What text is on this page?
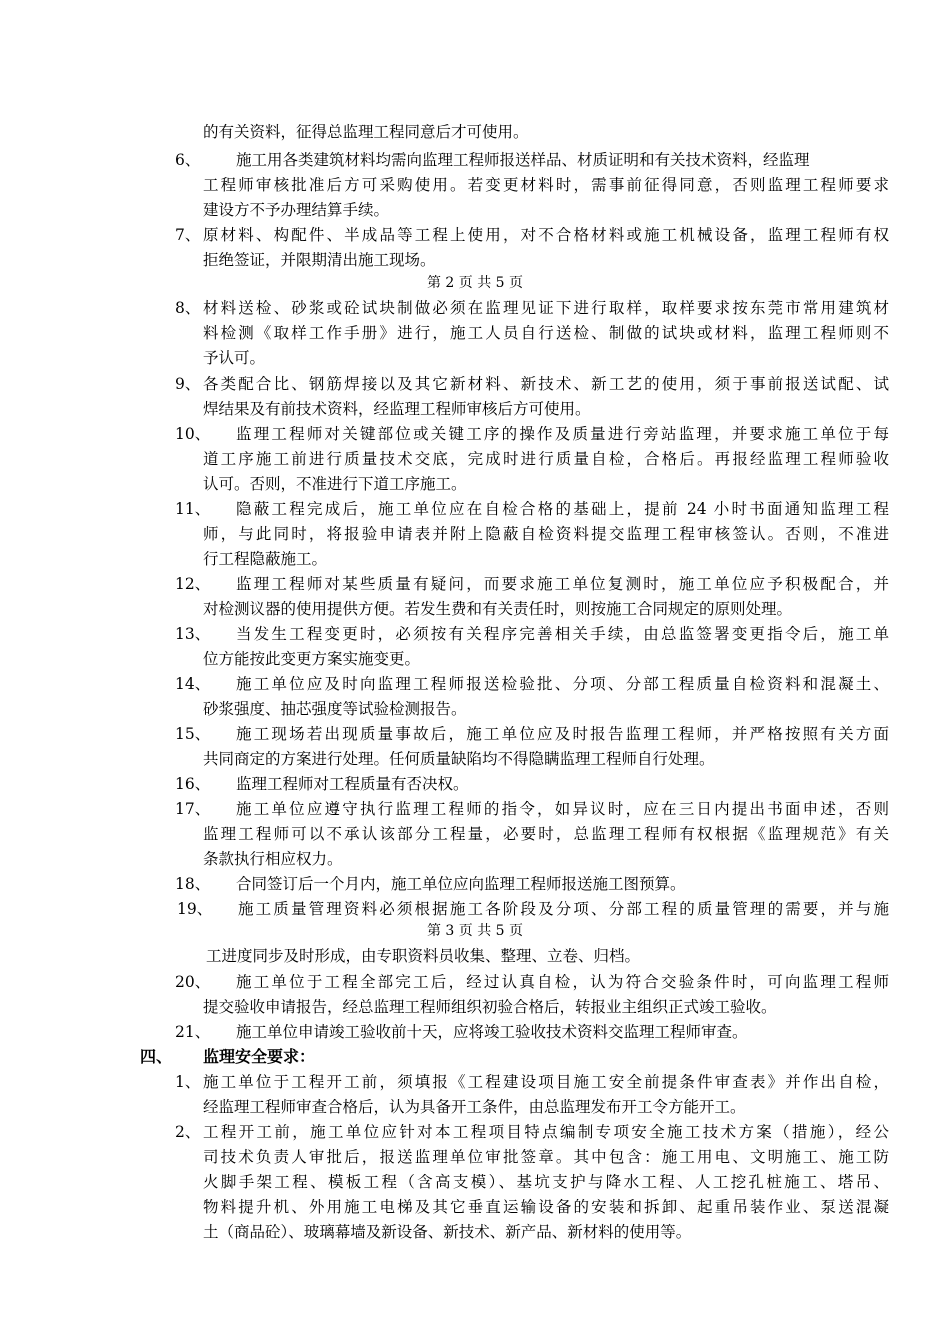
的有关资料，征得总监理工程同意后才可使用。
6、 施工用各类建筑材料均需向监理工程师报送样品、材质证明和有关技术资料，经监理
工程师审核批准后方可采购使用。若变更材料时，需事前征得同意，否则监理工程师要求
建设方不予办理结算手续。
7、 原材料、构配件、半成品等工程上使用，对不合格材料或施工机械设备，监理工程师有权
拒绝签证，并限期清出施工现场。
第 2 页 共 5 页
8、 材料送检、砂浆或砼试块制做必须在监理见证下进行取样，取样要求按东莞市常用建筑材
料检测《取样工作手册》进行，施工人员自行送检、制做的试块或材料，监理工程师则不
予认可。
9、 各类配合比、钢筋焊接以及其它新材料、新技术、新工艺的使用，须于事前报送试配、试
焊结果及有前技术资料，经监理工程师审核后方可使用。
10、 监理工程师对关键部位或关键工序的操作及质量进行旁站监理，并要求施工单位于每
道工序施工前进行质量技术交底，完成时进行质量自检，合格后。再报经监理工程师验收
认可。否则，不准进行下道工序施工。
11、 隐蔽工程完成后，施工单位应在自检合格的基础上，提前 24 小时书面通知监理工程
师，与此同时，将报验申请表并附上隐蔽自检资料提交监理工程审核签认。否则，不准进
行工程隐蔽施工。
12、 监理工程师对某些质量有疑问，而要求施工单位复测时，施工单位应予积极配合，并
对检测议器的使用提供方便。若发生费和有关责任时，则按施工合同规定的原则处理。
13、 当发生工程变更时，必须按有关程序完善相关手续，由总监签署变更指令后，施工单
位方能按此变更方案实施变更。
14、 施工单位应及时向监理工程师报送检验批、分项、分部工程质量自检资料和混凝土、
砂浆强度、抽芯强度等试验检测报告。
15、 施工现场若出现质量事故后，施工单位应及时报告监理工程师，并严格按照有关方面
共同商定的方案进行处理。任何质量缺陷均不得隐瞒监理工程师自行处理。
16、 监理工程师对工程质量有否决权。
17、 施工单位应遵守执行监理工程师的指令，如异议时，应在三日内提出书面申述，否则
监理工程师可以不承认该部分工程量，必要时，总监理工程师有权根据《监理规范》有关
条款执行相应权力。
18、 合同签订后一个月内，施工单位应向监理工程师报送施工图预算。
19、 施工质量管理资料必须根据施工各阶段及分项、分部工程的质量管理的需要，并与施
第 3 页 共 5 页
工进度同步及时形成，由专职资料员收集、整理、立卷、归档。
20、 施工单位于工程全部完工后，经过认真自检，认为符合交验条件时，可向监理工程师
提交验收申请报告，经总监理工程师组织初验合格后，转报业主组织正式竣工验收。
21、 施工单位申请竣工验收前十天，应将竣工验收技术资料交监理工程师审查。
四、 监理安全要求：
1、 施工单位于工程开工前，须填报《工程建设项目施工安全前提条件审查表》并作出自检，
经监理工程师审查合格后，认为具备开工条件，由总监理发布开工令方能开工。
2、 工程开工前，施工单位应针对本工程项目特点编制专项安全施工技术方案（措施），经公
司技术负责人审批后，报送监理单位审批签章。其中包含：施工用电、文明施工、施工防
火脚手架工程、模板工程（含高支模）、基坑支护与降水工程、人工挖孔桩施工、塔吊、
物料提升机、外用施工电梯及其它垂直运输设备的安装和拆卸、起重吊装作业、泵送混凝
土（商品砼）、玻璃幕墙及新设备、新技术、新产品、新材料的使用等。
